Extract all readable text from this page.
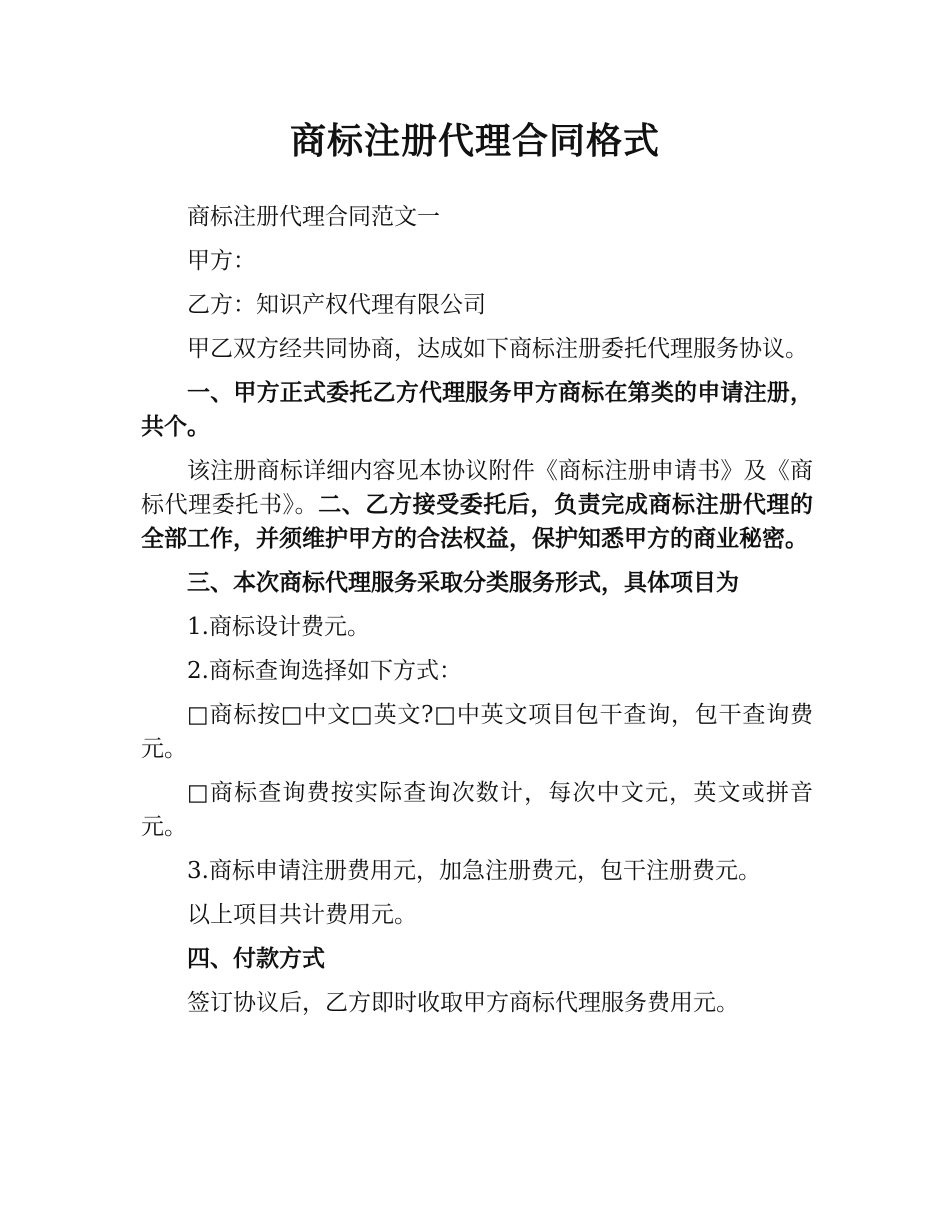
商标注册代理合同格式

商标注册代理合同范文一

甲方：

乙方：知识产权代理有限公司

甲乙双方经共同协商，达成如下商标注册委托代理服务协议。

一、甲方正式委托乙方代理服务甲方商标在第类的申请注册，共个。

该注册商标详细内容见本协议附件《商标注册申请书》及《商标代理委托书》。二、乙方接受委托后，负责完成商标注册代理的全部工作，并须维护甲方的合法权益，保护知悉甲方的商业秘密。

三、本次商标代理服务采取分类服务形式，具体项目为

1.商标设计费元。

2.商标查询选择如下方式：

□商标按□中文□英文?□中英文项目包干查询，包干查询费元。

□商标查询费按实际查询次数计，每次中文元，英文或拼音元。

3.商标申请注册费用元，加急注册费元，包干注册费元。

以上项目共计费用元。

四、付款方式

签订协议后，乙方即时收取甲方商标代理服务费用元。
